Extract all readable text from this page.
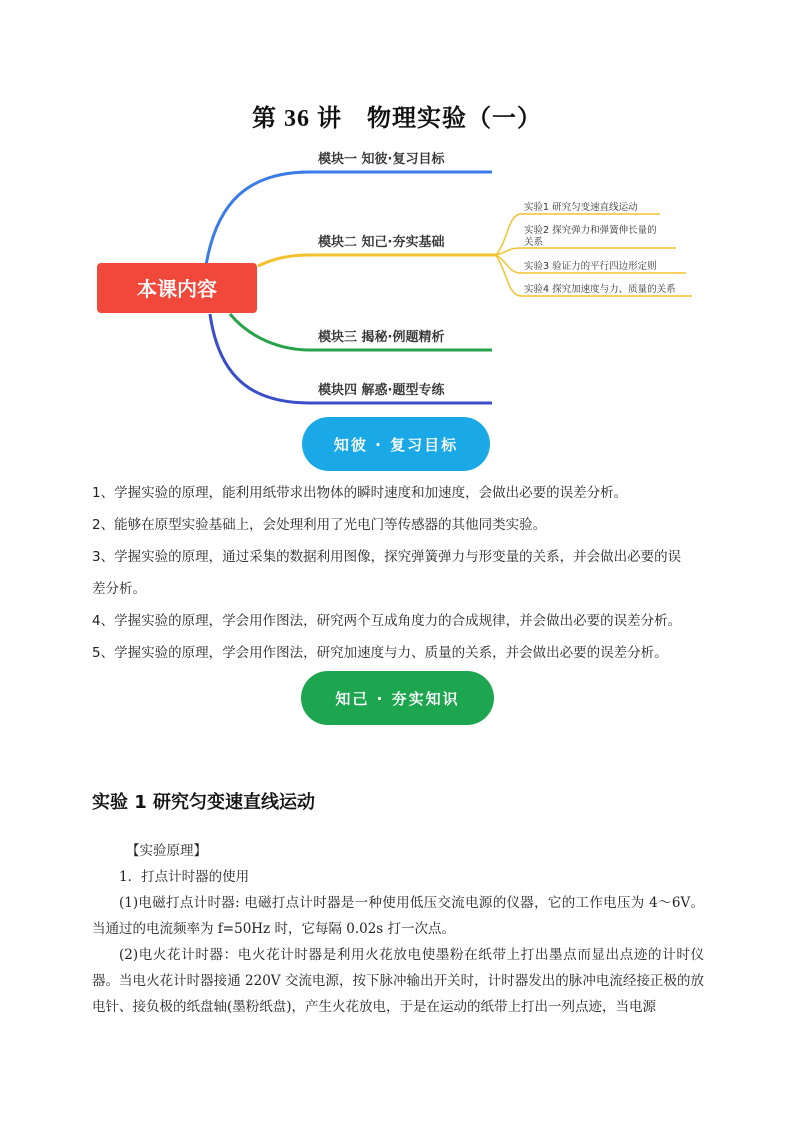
第 36 讲　物理实验（一）
本课内容
模块一 知彼·复习目标
模块二 知己·夯实基础
模块三 揭秘·例题精析
模块四 解惑·题型专练
实验1 研究匀变速直线运动
实验2 探究弹力和弹簧伸长量的
关系
实验3 验证力的平行四边形定则
实验4 探究加速度与力、质量的关系
知彼 · 复习目标

1、学握实验的原理，能利用纸带求出物体的瞬时速度和加速度，会做出必要的误差分析。

2、能够在原型实验基础上，会处理利用了光电门等传感器的其他同类实验。

3、学握实验的原理，通过采集的数据利用图像，探究弹簧弹力与形变量的关系，并会做出必要的误

差分析。

4、学握实验的原理，学会用作图法，研究两个互成角度力的合成规律，并会做出必要的误差分析。

5、学握实验的原理，学会用作图法，研究加速度与力、质量的关系，并会做出必要的误差分析。

知己 · 夯实知识
实验 1 研究匀变速直线运动

【实验原理】

1．打点计时器的使用

(1)电磁打点计时器: 电磁打点计时器是一种使用低压交流电源的仪器，它的工作电压为 4～6V。当通过的电流频率为 f=50Hz 时，它每隔 0.02s 打一次点。

(2)电火花计时器：电火花计时器是利用火花放电使墨粉在纸带上打出墨点而显出点迹的计时仪器。当电火花计时器接通 220V 交流电源，按下脉冲输出开关时，计时器发出的脉冲电流经接正极的放电针、接负极的纸盘轴(墨粉纸盘)，产生火花放电，于是在运动的纸带上打出一列点迹，当电源
